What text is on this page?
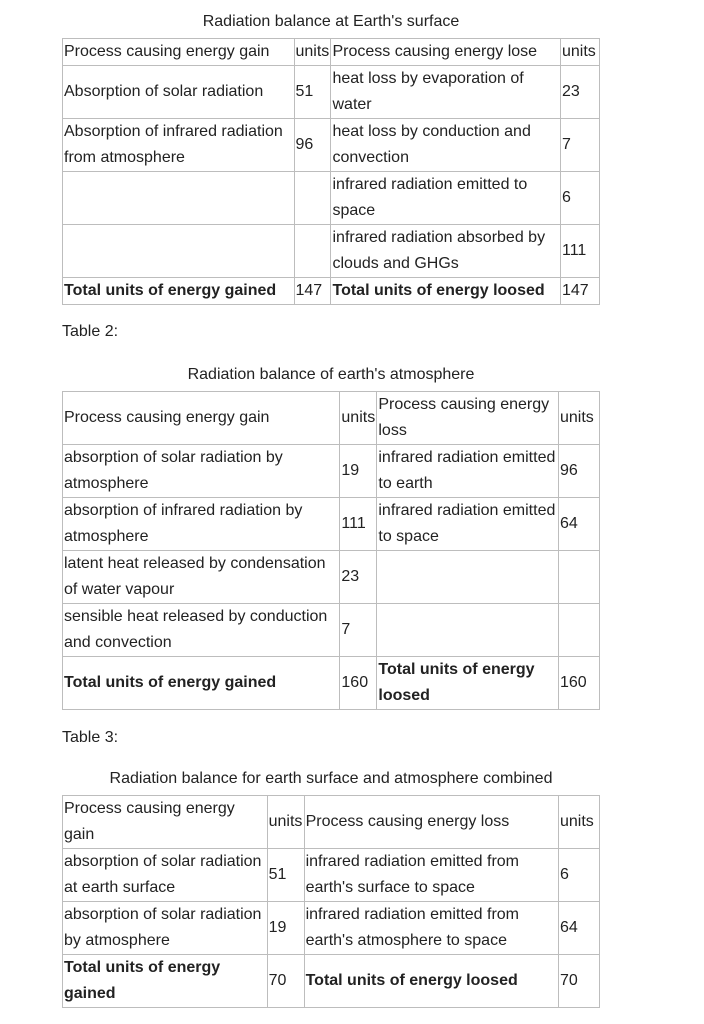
Radiation balance at Earth's surface
Process causing energy gain	units	Process causing energy lose	units
Absorption of solar radiation	51	heat loss by evaporation of water	23
Absorption of infrared radiation from atmosphere	96	heat loss by conduction and convection	7
		infrared radiation emitted to space	6
		infrared radiation absorbed by clouds and GHGs	111
Total units of energy gained	147	Total units of energy loosed	147
Table 2:
Radiation balance of earth's atmosphere
Process causing energy gain	units	Process causing energy loss	units
absorption of solar radiation by atmosphere	19	infrared radiation emitted to earth	96
absorption of infrared radiation by atmosphere	111	infrared radiation emitted to space	64
latent heat released by condensation of water vapour	23		
sensible heat released by conduction and convection	7		
Total units of energy gained	160	Total units of energy loosed	160
Table 3:
Radiation balance for earth surface and atmosphere combined
Process causing energy gain	units	Process causing energy loss	units
absorption of solar radiation at earth surface	51	infrared radiation emitted from earth's surface to space	6
absorption of solar radiation by atmosphere	19	infrared radiation emitted from earth's atmosphere to space	64
Total units of energy gained	70	Total units of energy loosed	70
